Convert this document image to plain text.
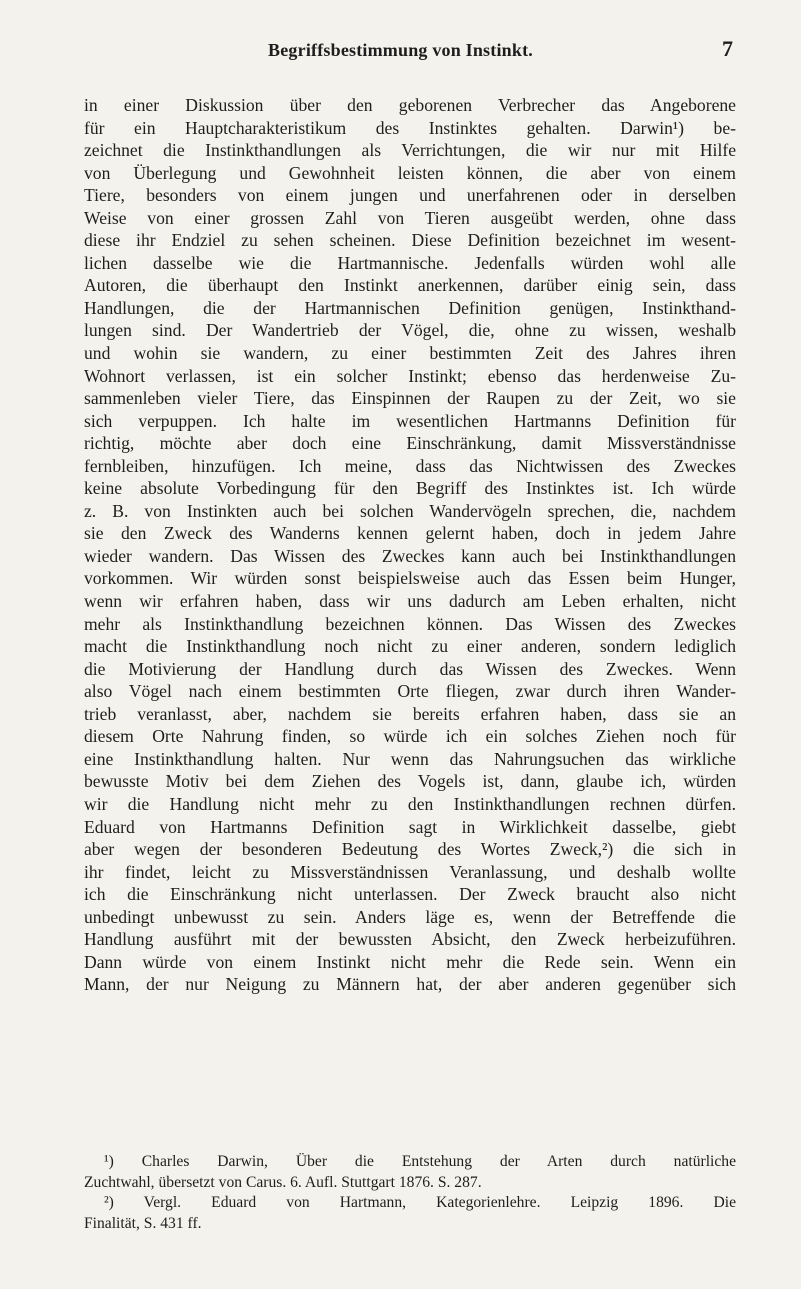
Begriffsbestimmung von Instinkt.	7
in einer Diskussion über den geborenen Verbrecher das Angeborene
für ein Hauptcharakteristikum des Instinktes gehalten. Darwin¹) be-
zeichnet die Instinkthandlungen als Verrichtungen, die wir nur mit Hilfe
von Überlegung und Gewohnheit leisten können, die aber von einem
Tiere, besonders von einem jungen und unerfahrenen oder in derselben
Weise von einer grossen Zahl von Tieren ausgeübt werden, ohne dass
diese ihr Endziel zu sehen scheinen. Diese Definition bezeichnet im wesent-
lichen dasselbe wie die Hartmannische. Jedenfalls würden wohl alle
Autoren, die überhaupt den Instinkt anerkennen, darüber einig sein, dass
Handlungen, die der Hartmannischen Definition genügen, Instinkthand-
lungen sind. Der Wandertrieb der Vögel, die, ohne zu wissen, weshalb
und wohin sie wandern, zu einer bestimmten Zeit des Jahres ihren
Wohnort verlassen, ist ein solcher Instinkt; ebenso das herdenweise Zu-
sammenleben vieler Tiere, das Einspinnen der Raupen zu der Zeit, wo sie
sich verpuppen. Ich halte im wesentlichen Hartmanns Definition für
richtig, möchte aber doch eine Einschränkung, damit Missverständnisse
fernbleiben, hinzufügen. Ich meine, dass das Nichtwissen des Zweckes
keine absolute Vorbedingung für den Begriff des Instinktes ist. Ich würde
z. B. von Instinkten auch bei solchen Wandervögeln sprechen, die, nachdem
sie den Zweck des Wanderns kennen gelernt haben, doch in jedem Jahre
wieder wandern. Das Wissen des Zweckes kann auch bei Instinkthandlungen
vorkommen. Wir würden sonst beispielsweise auch das Essen beim Hunger,
wenn wir erfahren haben, dass wir uns dadurch am Leben erhalten, nicht
mehr als Instinkthandlung bezeichnen können. Das Wissen des Zweckes
macht die Instinkthandlung noch nicht zu einer anderen, sondern lediglich
die Motivierung der Handlung durch das Wissen des Zweckes. Wenn
also Vögel nach einem bestimmten Orte fliegen, zwar durch ihren Wander-
trieb veranlasst, aber, nachdem sie bereits erfahren haben, dass sie an
diesem Orte Nahrung finden, so würde ich ein solches Ziehen noch für
eine Instinkthandlung halten. Nur wenn das Nahrungsuchen das wirkliche
bewusste Motiv bei dem Ziehen des Vogels ist, dann, glaube ich, würden
wir die Handlung nicht mehr zu den Instinkthandlungen rechnen dürfen.
Eduard von Hartmanns Definition sagt in Wirklichkeit dasselbe, giebt
aber wegen der besonderen Bedeutung des Wortes Zweck,²) die sich in
ihr findet, leicht zu Missverständnissen Veranlassung, und deshalb wollte
ich die Einschränkung nicht unterlassen. Der Zweck braucht also nicht
unbedingt unbewusst zu sein. Anders läge es, wenn der Betreffende die
Handlung ausführt mit der bewussten Absicht, den Zweck herbeizuführen.
Dann würde von einem Instinkt nicht mehr die Rede sein. Wenn ein
Mann, der nur Neigung zu Männern hat, der aber anderen gegenüber sich
¹) Charles Darwin, Über die Entstehung der Arten durch natürliche
Zuchtwahl, übersetzt von Carus. 6. Aufl. Stuttgart 1876. S. 287.
²) Vergl. Eduard von Hartmann, Kategorienlehre. Leipzig 1896. Die
Finalität, S. 431 ff.
